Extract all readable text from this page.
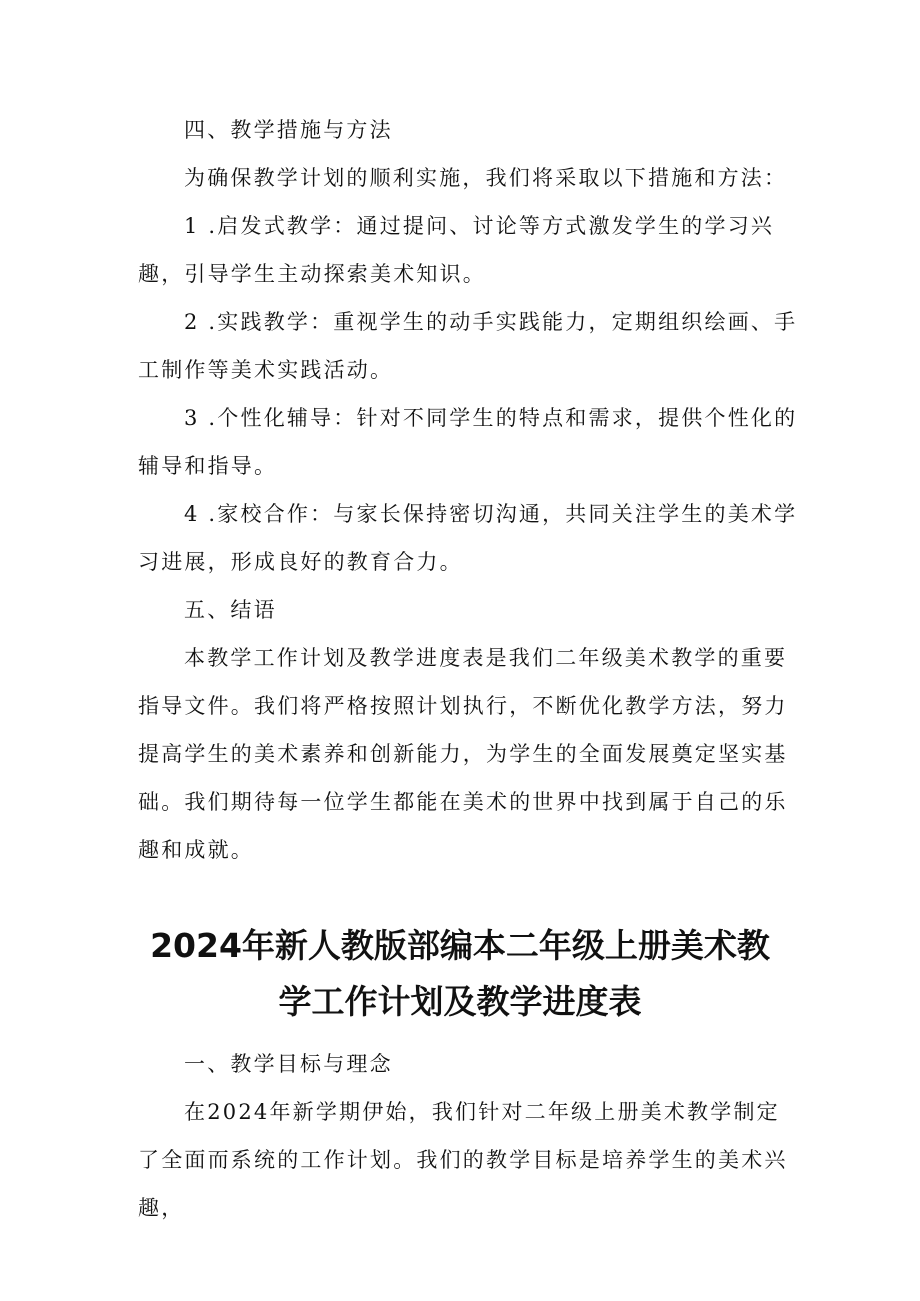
四、教学措施与方法

为确保教学计划的顺利实施，我们将采取以下措施和方法：

1 .启发式教学：通过提问、讨论等方式激发学生的学习兴趣，引导学生主动探索美术知识。

2 .实践教学：重视学生的动手实践能力，定期组织绘画、手工制作等美术实践活动。

3 .个性化辅导：针对不同学生的特点和需求，提供个性化的辅导和指导。

4 .家校合作：与家长保持密切沟通，共同关注学生的美术学习进展，形成良好的教育合力。

五、结语

本教学工作计划及教学进度表是我们二年级美术教学的重要指导文件。我们将严格按照计划执行，不断优化教学方法，努力提高学生的美术素养和创新能力，为学生的全面发展奠定坚实基础。我们期待每一位学生都能在美术的世界中找到属于自己的乐趣和成就。

2024年新人教版部编本二年级上册美术教
学工作计划及教学进度表

一、教学目标与理念

在2024年新学期伊始，我们针对二年级上册美术教学制定了全面而系统的工作计划。我们的教学目标是培养学生的美术兴趣，
